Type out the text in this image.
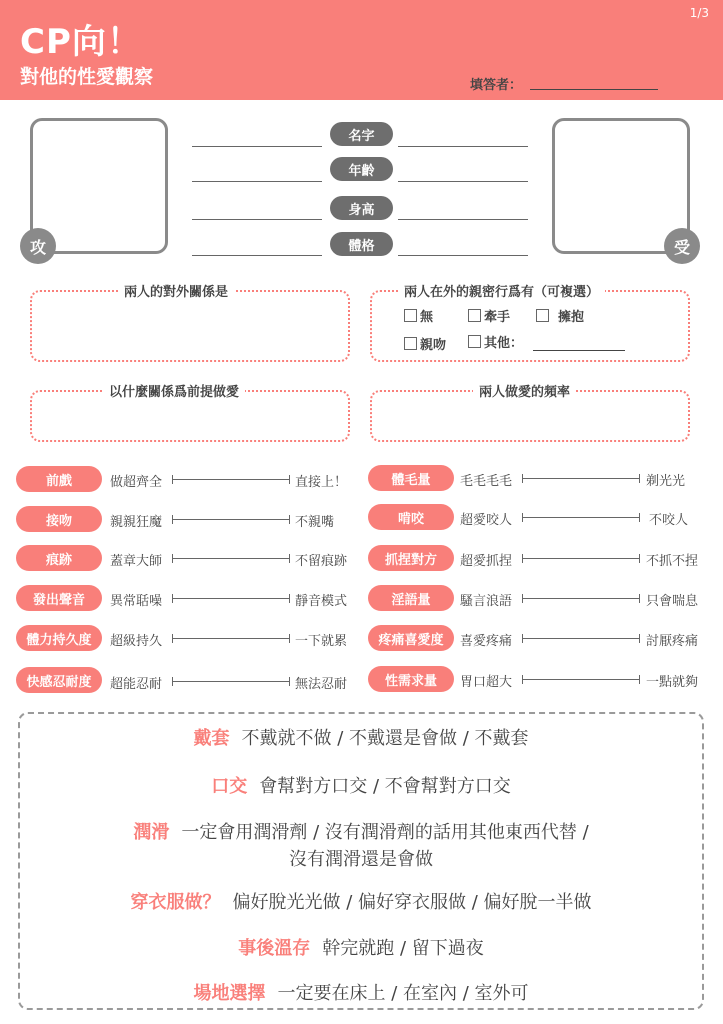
1/3
CP向！
對他的性愛觀察	填答者：
攻	受
名字
年齡
身高
體格
兩人的對外關係是	兩人在外的親密行爲有（可複選）
無	牽手	擁抱
親吻	其他：
以什麼關係爲前提做愛	兩人做愛的頻率
前戲	做超齊全	直接上！
接吻	親親狂魔	不親嘴
痕跡	蓋章大師	不留痕跡
發出聲音	異常聒噪	靜音模式
體力持久度	超級持久	一下就累
快感忍耐度	超能忍耐	無法忍耐
體毛量	毛毛毛毛	剃光光
啃咬	超愛咬人	不咬人
抓捏對方	超愛抓捏	不抓不捏
淫語量	騷言浪語	只會喘息
疼痛喜愛度	喜愛疼痛	討厭疼痛
性需求量	胃口超大	一點就夠
戴套 不戴就不做 / 不戴還是會做 / 不戴套
口交 會幫對方口交 / 不會幫對方口交
潤滑 一定會用潤滑劑 / 沒有潤滑劑的話用其他東西代替 /
沒有潤滑還是會做
穿衣服做？ 偏好脫光光做 / 偏好穿衣服做 / 偏好脫一半做
事後溫存 幹完就跑 / 留下過夜
場地選擇 一定要在床上 / 在室內 / 室外可
